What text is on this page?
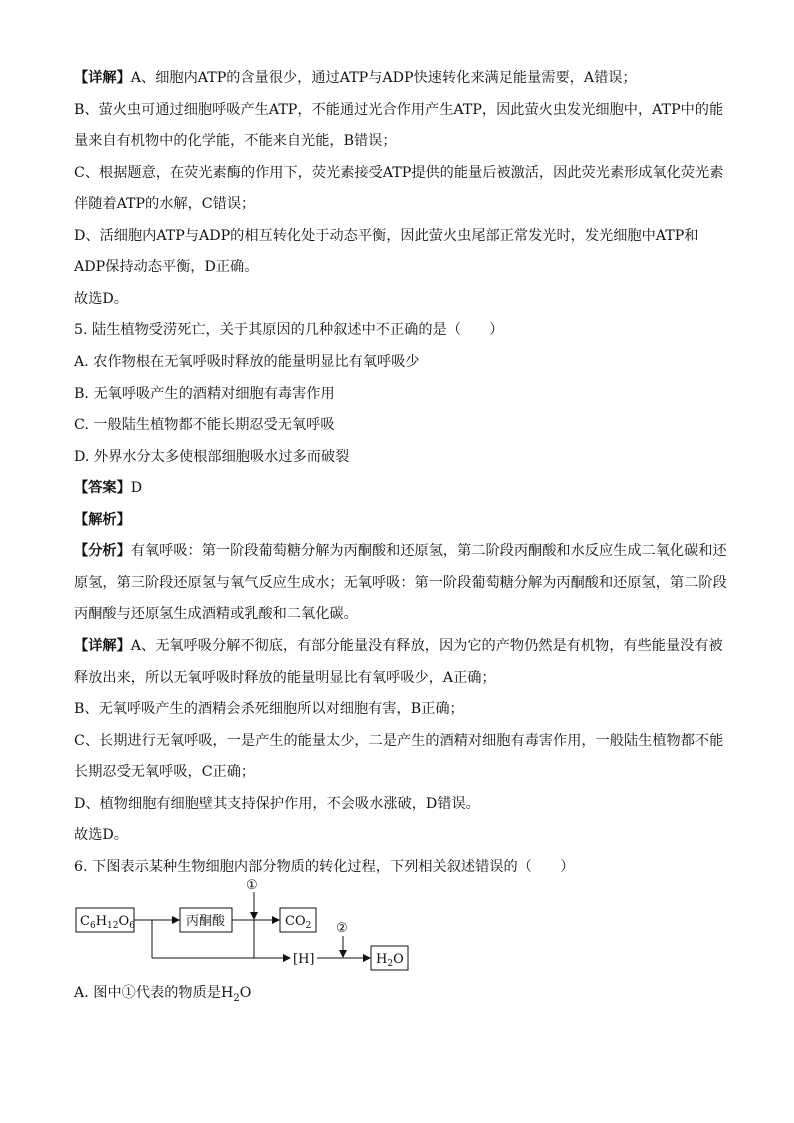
【详解】A、细胞内ATP的含量很少，通过ATP与ADP快速转化来满足能量需要，A错误；
B、萤火虫可通过细胞呼吸产生ATP，不能通过光合作用产生ATP，因此萤火虫发光细胞中，ATP中的能
量来自有机物中的化学能，不能来自光能，B错误；
C、根据题意，在荧光素酶的作用下，荧光素接受ATP提供的能量后被激活，因此荧光素形成氧化荧光素
伴随着ATP的水解，C错误；
D、活细胞内ATP与ADP的相互转化处于动态平衡，因此萤火虫尾部正常发光时，发光细胞中ATP和
ADP保持动态平衡，D正确。
故选D。
5. 陆生植物受涝死亡，关于其原因的几种叙述中不正确的是（　　）
A. 农作物根在无氧呼吸时释放的能量明显比有氧呼吸少
B. 无氧呼吸产生的酒精对细胞有毒害作用
C. 一般陆生植物都不能长期忍受无氧呼吸
D. 外界水分太多使根部细胞吸水过多而破裂
【答案】D
【解析】
【分析】有氧呼吸：第一阶段葡萄糖分解为丙酮酸和还原氢，第二阶段丙酮酸和水反应生成二氧化碳和还
原氢，第三阶段还原氢与氧气反应生成水；无氧呼吸：第一阶段葡萄糖分解为丙酮酸和还原氢，第二阶段
丙酮酸与还原氢生成酒精或乳酸和二氧化碳。
【详解】A、无氧呼吸分解不彻底，有部分能量没有释放，因为它的产物仍然是有机物，有些能量没有被
释放出来，所以无氧呼吸时释放的能量明显比有氧呼吸少，A正确；
B、无氧呼吸产生的酒精会杀死细胞所以对细胞有害，B正确；
C、长期进行无氧呼吸，一是产生的能量太少，二是产生的酒精对细胞有毒害作用，一般陆生植物都不能
长期忍受无氧呼吸，C正确；
D、植物细胞有细胞壁其支持保护作用，不会吸水涨破，D错误。
故选D。
6. 下图表示某种生物细胞内部分物质的转化过程，下列相关叙述错误的（　　）
$C_6H_{12}O_6$	丙酮酸	$CO_2$
$H_2O$
①
[H]
②
A. 图中①代表的物质是$H_2O$
